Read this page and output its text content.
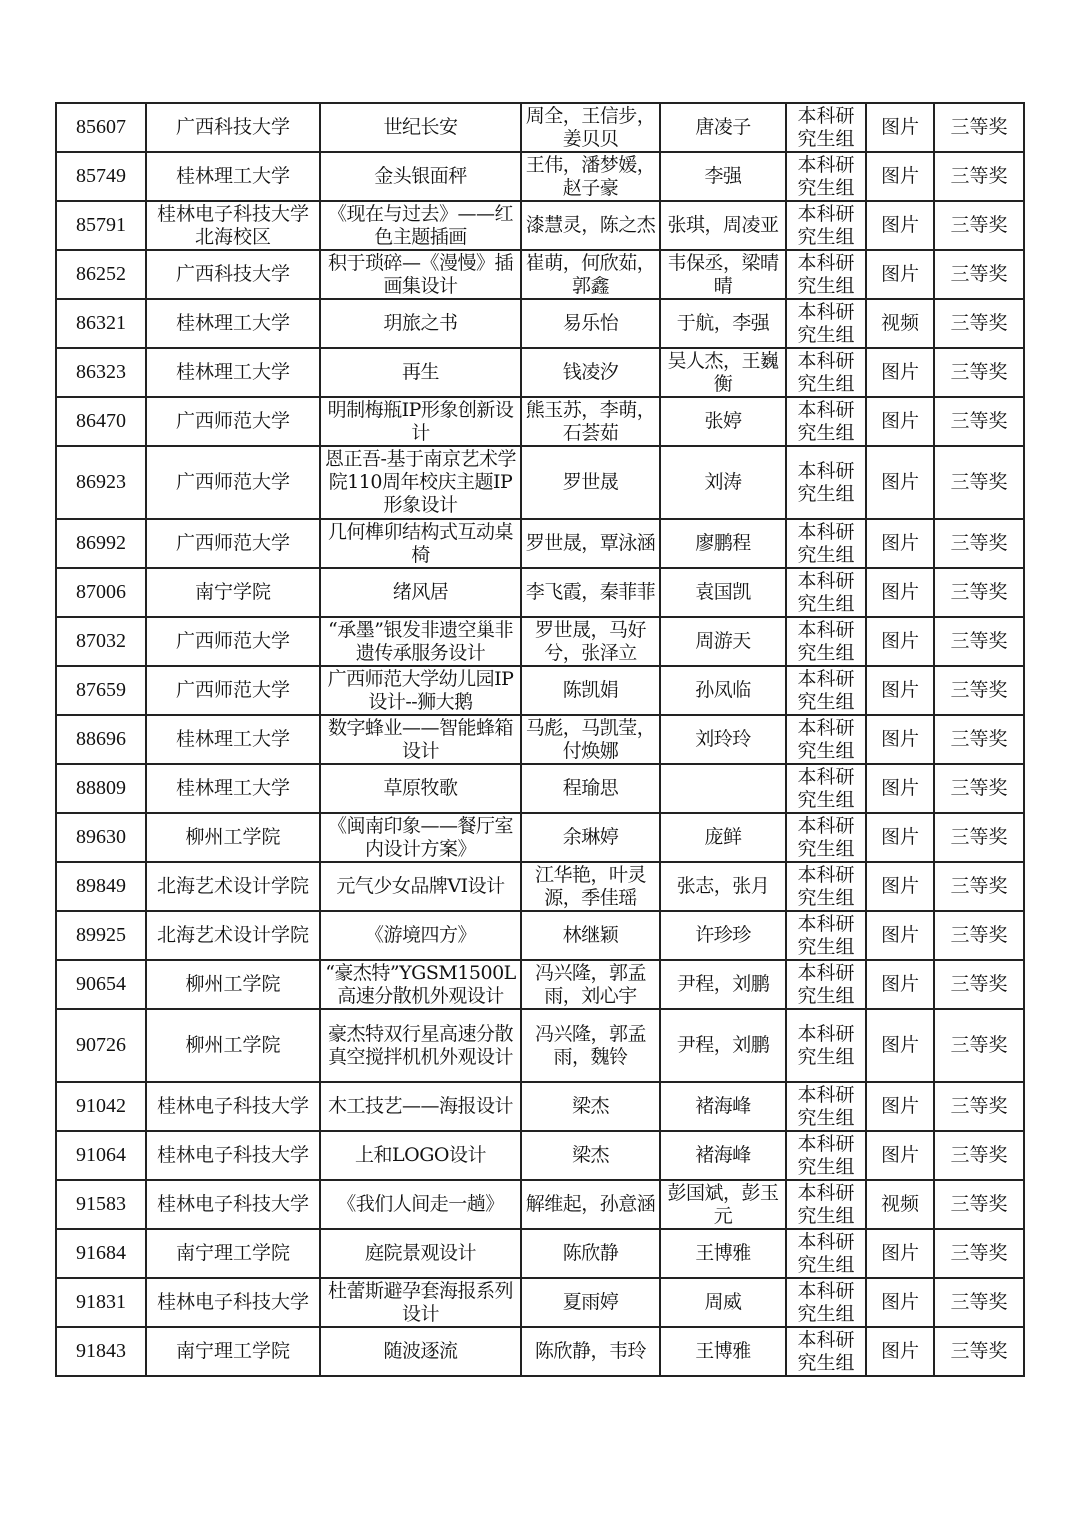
85607	广西科技大学	世纪长安	周全，王信步，姜贝贝	唐凌子	本科研究生组	图片	三等奖
85749	桂林理工大学	金头银面秤	王伟，潘梦媛，赵子豪	李强	本科研究生组	图片	三等奖
85791	桂林电子科技大学北海校区	《现在与过去》——红色主题插画	漆慧灵，陈之杰	张琪，周凌亚	本科研究生组	图片	三等奖
86252	广西科技大学	积于琐碎—《漫慢》插画集设计	崔萌，何欣茹，郭鑫	韦保丞，梁晴晴	本科研究生组	图片	三等奖
86321	桂林理工大学	玥旅之书	易乐怡	于航，李强	本科研究生组	视频	三等奖
86323	桂林理工大学	再生	钱凌汐	吴人杰，王巍衡	本科研究生组	图片	三等奖
86470	广西师范大学	明制梅瓶IP形象创新设计	熊玉苏，李萌，石荟茹	张婷	本科研究生组	图片	三等奖
86923	广西师范大学	恩正吾-基于南京艺术学院110周年校庆主题IP形象设计	罗世晟	刘涛	本科研究生组	图片	三等奖
86992	广西师范大学	几何榫卯结构式互动桌椅	罗世晟，覃泳涵	廖鹏程	本科研究生组	图片	三等奖
87006	南宁学院	绪风居	李飞霞，秦菲菲	袁国凯	本科研究生组	图片	三等奖
87032	广西师范大学	“承墨”银发非遗空巢非遗传承服务设计	罗世晟，马好兮，张泽立	周游天	本科研究生组	图片	三等奖
87659	广西师范大学	广西师范大学幼儿园IP设计--狮大鹅	陈凯娟	孙凤临	本科研究生组	图片	三等奖
88696	桂林理工大学	数字蜂业——智能蜂箱设计	马彪，马凯莹，付焕娜	刘玲玲	本科研究生组	图片	三等奖
88809	桂林理工大学	草原牧歌	程瑜思		本科研究生组	图片	三等奖
89630	柳州工学院	《闽南印象——餐厅室内设计方案》	余琳婷	庞鲜	本科研究生组	图片	三等奖
89849	北海艺术设计学院	元气少女品牌VI设计	江华艳，叶灵源，季佳瑶	张志，张月	本科研究生组	图片	三等奖
89925	北海艺术设计学院	《游境四方》	林继颖	许珍珍	本科研究生组	图片	三等奖
90654	柳州工学院	“豪杰特”YGSM1500L高速分散机外观设计	冯兴隆，郭孟雨，刘心宇	尹程，刘鹏	本科研究生组	图片	三等奖
90726	柳州工学院	豪杰特双行星高速分散真空搅拌机机外观设计	冯兴隆，郭孟雨，魏铃	尹程，刘鹏	本科研究生组	图片	三等奖
91042	桂林电子科技大学	木工技艺——海报设计	梁杰	褚海峰	本科研究生组	图片	三等奖
91064	桂林电子科技大学	上和LOGO设计	梁杰	褚海峰	本科研究生组	图片	三等奖
91583	桂林电子科技大学	《我们人间走一趟》	解维起，孙意涵	彭国斌，彭玉元	本科研究生组	视频	三等奖
91684	南宁理工学院	庭院景观设计	陈欣静	王博雅	本科研究生组	图片	三等奖
91831	桂林电子科技大学	杜蕾斯避孕套海报系列设计	夏雨婷	周威	本科研究生组	图片	三等奖
91843	南宁理工学院	随波逐流	陈欣静，韦玲	王博雅	本科研究生组	图片	三等奖
